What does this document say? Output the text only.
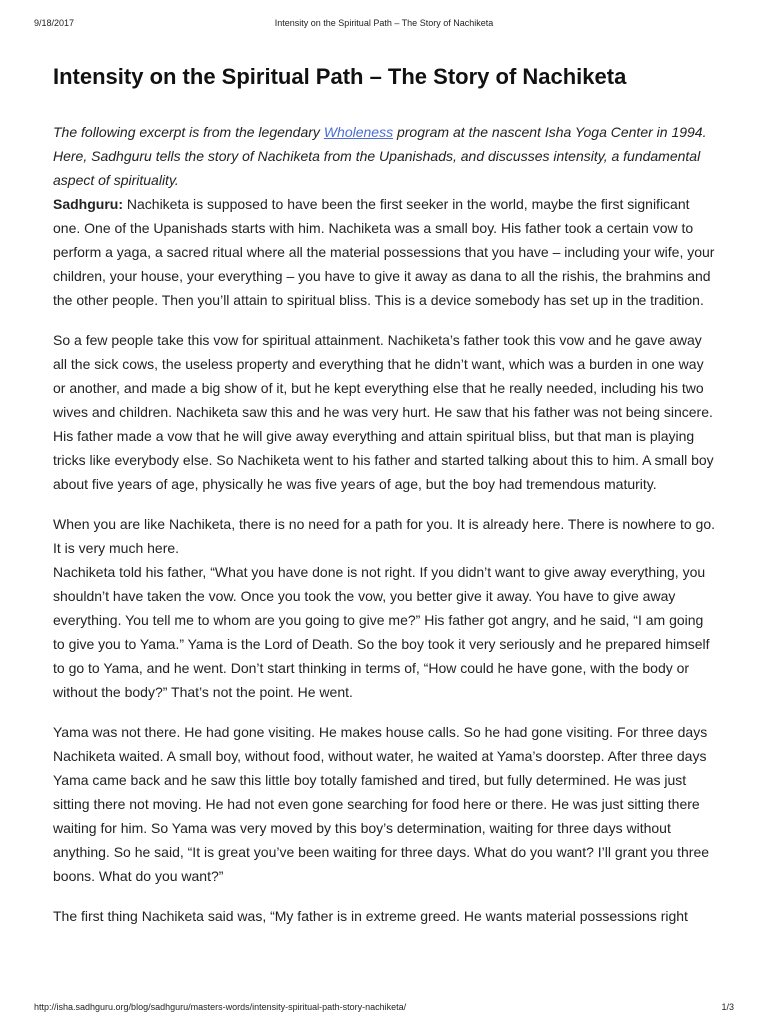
9/18/2017	Intensity on the Spiritual Path – The Story of Nachiketa
Intensity on the Spiritual Path – The Story of Nachiketa

The following excerpt is from the legendary Wholeness program at the nascent Isha Yoga Center in 1994. Here, Sadhguru tells the story of Nachiketa from the Upanishads, and discusses intensity, a fundamental aspect of spirituality.

Sadhguru: Nachiketa is supposed to have been the first seeker in the world, maybe the first significant one. One of the Upanishads starts with him. Nachiketa was a small boy. His father took a certain vow to perform a yaga, a sacred ritual where all the material possessions that you have – including your wife, your children, your house, your everything – you have to give it away as dana to all the rishis, the brahmins and the other people. Then you’ll attain to spiritual bliss. This is a device somebody has set up in the tradition.

So a few people take this vow for spiritual attainment. Nachiketa’s father took this vow and he gave away all the sick cows, the useless property and everything that he didn’t want, which was a burden in one way or another, and made a big show of it, but he kept everything else that he really needed, including his two wives and children. Nachiketa saw this and he was very hurt. He saw that his father was not being sincere. His father made a vow that he will give away everything and attain spiritual bliss, but that man is playing tricks like everybody else. So Nachiketa went to his father and started talking about this to him. A small boy about five years of age, physically he was five years of age, but the boy had tremendous maturity.

When you are like Nachiketa, there is no need for a path for you. It is already here. There is nowhere to go. It is very much here.

Nachiketa told his father, “What you have done is not right. If you didn’t want to give away everything, you shouldn’t have taken the vow. Once you took the vow, you better give it away. You have to give away everything. You tell me to whom are you going to give me?” His father got angry, and he said, “I am going to give you to Yama.” Yama is the Lord of Death. So the boy took it very seriously and he prepared himself to go to Yama, and he went. Don’t start thinking in terms of, “How could he have gone, with the body or without the body?” That’s not the point. He went.

Yama was not there. He had gone visiting. He makes house calls. So he had gone visiting. For three days Nachiketa waited. A small boy, without food, without water, he waited at Yama’s doorstep. After three days Yama came back and he saw this little boy totally famished and tired, but fully determined. He was just sitting there not moving. He had not even gone searching for food here or there. He was just sitting there waiting for him. So Yama was very moved by this boy’s determination, waiting for three days without anything. So he said, “It is great you’ve been waiting for three days. What do you want? I’ll grant you three boons. What do you want?”

The first thing Nachiketa said was, “My father is in extreme greed. He wants material possessions right

http://isha.sadhguru.org/blog/sadhguru/masters-words/intensity-spiritual-path-story-nachiketa/	1/3
